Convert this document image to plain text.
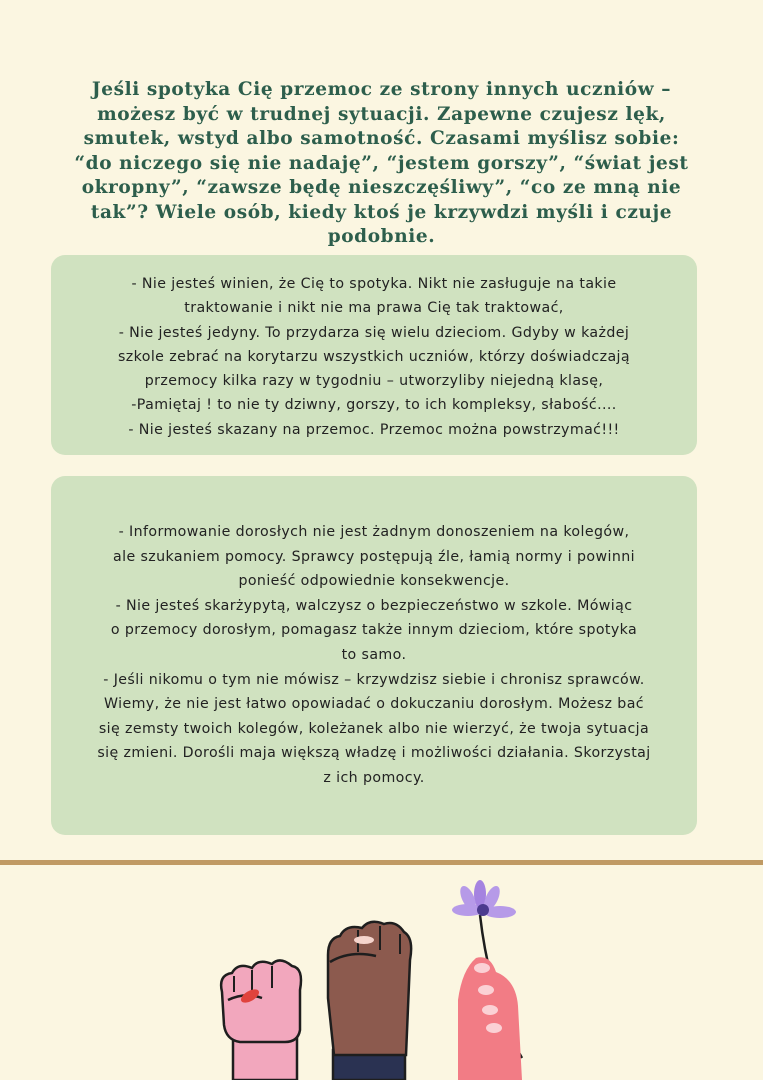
Jeśli spotyka Cię przemoc ze strony innych uczniów –
możesz być w trudnej sytuacji. Zapewne czujesz lęk,
smutek, wstyd albo samotność. Czasami myślisz sobie:
“do niczego się nie nadaję”, “jestem gorszy”, “świat jest
okropny”, “zawsze będę nieszczęśliwy”, “co ze mną nie
tak”? Wiele osób, kiedy ktoś je krzywdzi myśli i czuje
podobnie.
- Nie jesteś winien, że Cię to spotyka. Nikt nie zasługuje na takie
traktowanie i nikt nie ma prawa Cię tak traktować,
- Nie jesteś jedyny. To przydarza się wielu dzieciom. Gdyby w każdej
szkole zebrać na korytarzu wszystkich uczniów, którzy doświadczają
przemocy kilka razy w tygodniu – utworzyliby niejedną klasę,
-Pamiętaj ! to nie ty dziwny, gorszy, to ich kompleksy, słabość....
- Nie jesteś skazany na przemoc. Przemoc można powstrzymać!!!
- Informowanie dorosłych nie jest żadnym donoszeniem na kolegów,
ale szukaniem pomocy. Sprawcy postępują źle, łamią normy i powinni
ponieść odpowiednie konsekwencje.
- Nie jesteś skarżypytą, walczysz o bezpieczeństwo w szkole. Mówiąc
o przemocy dorosłym, pomagasz także innym dzieciom, które spotyka
to samo.
- Jeśli nikomu o tym nie mówisz – krzywdzisz siebie i chronisz sprawców.
Wiemy, że nie jest łatwo opowiadać o dokuczaniu dorosłym. Możesz bać
się zemsty twoich kolegów, koleżanek albo nie wierzyć, że twoja sytuacja
się zmieni. Dorośli maja większą władzę i możliwości działania. Skorzystaj
z ich pomocy.
